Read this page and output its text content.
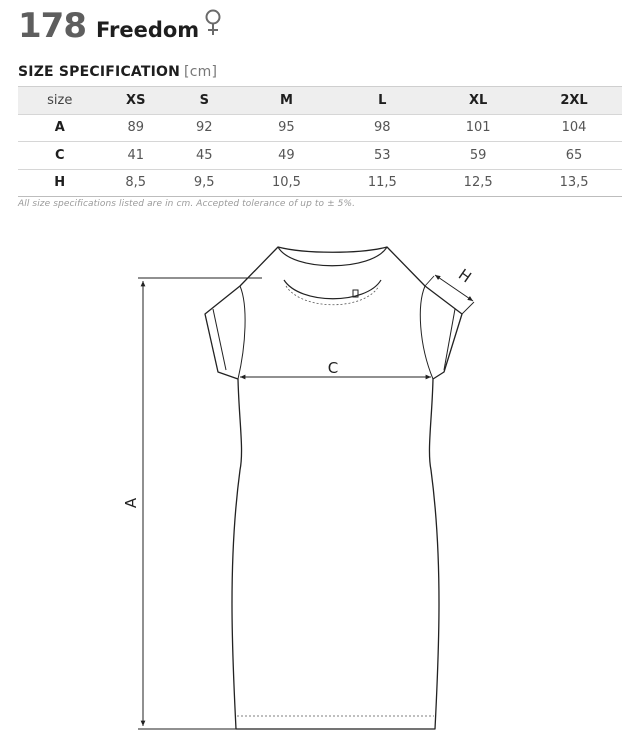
178 Freedom
SIZE SPECIFICATION [cm]
size	XS	S	M	L	XL	2XL
A	89	92	95	98	101	104
C	41	45	49	53	59	65
H	8,5	9,5	10,5	11,5	12,5	13,5
All size specifications listed are in cm. Accepted tolerance of up to ± 5%.
A
C
H
